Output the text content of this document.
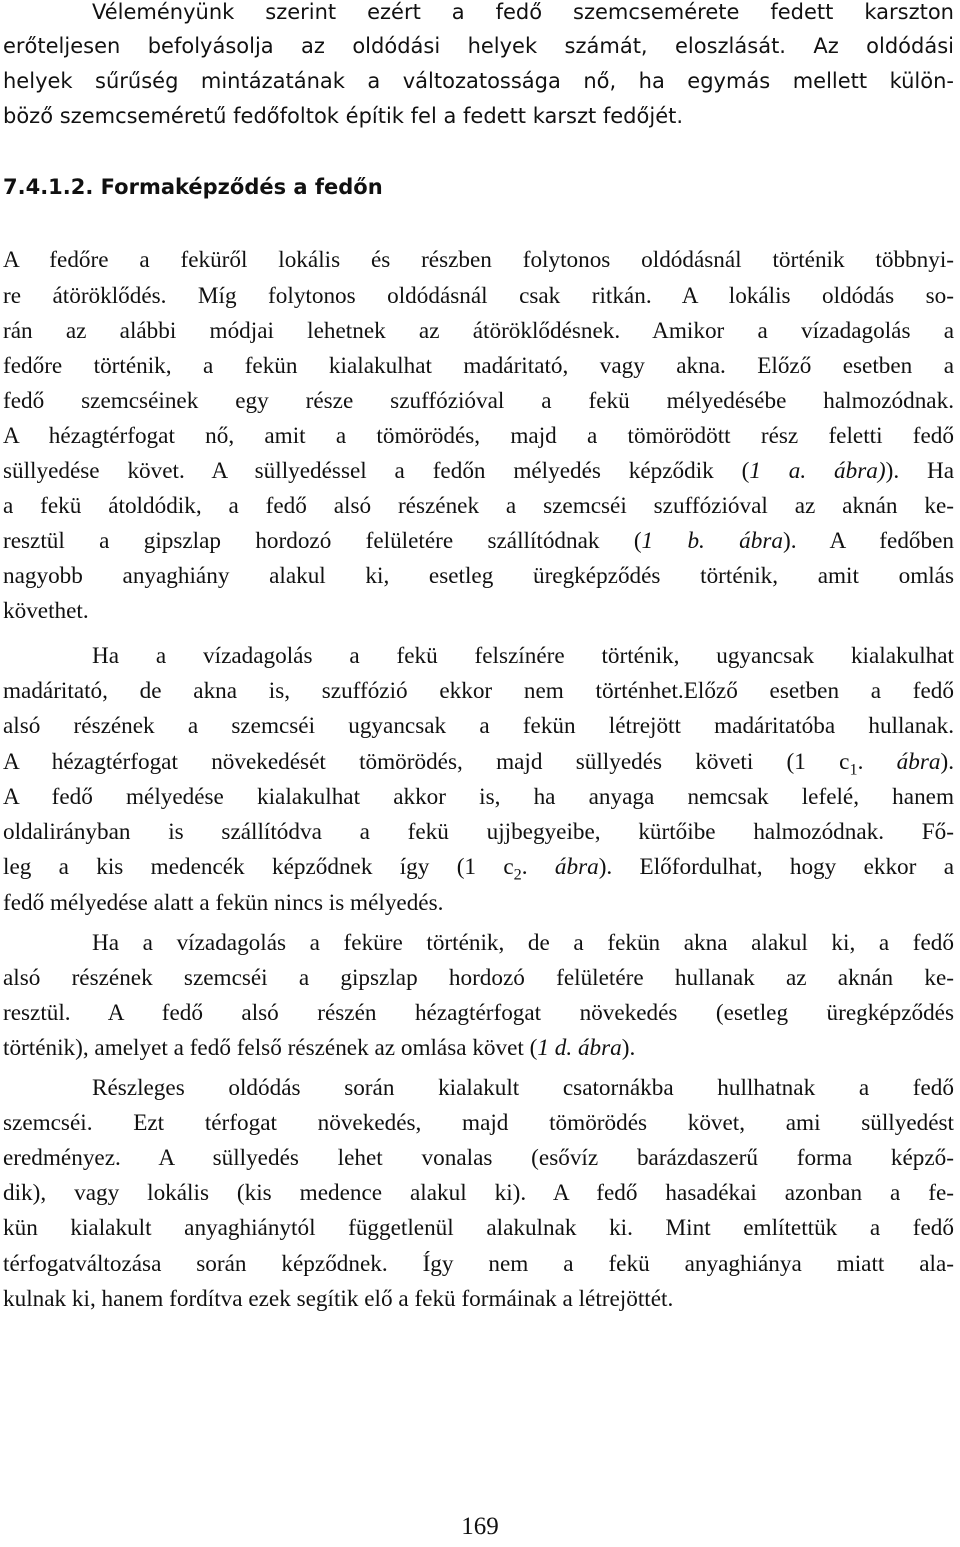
Véleményünk szerint ezért a fedő szemcsemérete fedett karszton
erőteljesen befolyásolja az oldódási helyek számát, eloszlását. Az oldódási
helyek sűrűség mintázatának a változatossága nő, ha egymás mellett külön-
böző szemcseméretű fedőfoltok építik fel a fedett karszt fedőjét.
7.4.1.2. Formaképződés a fedőn
A fedőre a feküről lokális és részben folytonos oldódásnál történik többnyi-
re átöröklődés. Míg folytonos oldódásnál csak ritkán. A lokális oldódás so-
rán az alábbi módjai lehetnek az átöröklődésnek. Amikor a vízadagolás a
fedőre történik, a fekün kialakulhat madáritató, vagy akna. Előző esetben a
fedő szemcséinek egy része szuffózióval a fekü mélyedésébe halmozódnak.
A hézagtérfogat nő, amit a tömörödés, majd a tömörödött rész feletti fedő
süllyedése követ. A süllyedéssel a fedőn mélyedés képződik (1 a. ábra)). Ha
a fekü átoldódik, a fedő alsó részének a szemcséi szuffózióval az aknán ke-
resztül a gipszlap hordozó felületére szállítódnak (1 b. ábra). A fedőben
nagyobb anyaghiány alakul ki, esetleg üregképződés történik, amit omlás
követhet.
Ha a vízadagolás a fekü felszínére történik, ugyancsak kialakulhat
madáritató, de akna is, szuffózió ekkor nem történhet.Előző esetben a fedő
alsó részének a szemcséi ugyancsak a fekün létrejött madáritatóba hullanak.
A hézagtérfogat növekedését tömörödés, majd süllyedés követi (1 $c_1$. ábra).
A fedő mélyedése kialakulhat akkor is, ha anyaga nemcsak lefelé, hanem
oldalirányban is szállítódva a fekü ujjbegyeibe, kürtőibe halmozódnak. Fő-
leg a kis medencék képződnek így (1 $c_2$. ábra). Előfordulhat, hogy ekkor a
fedő mélyedése alatt a fekün nincs is mélyedés.
Ha a vízadagolás a feküre történik, de a fekün akna alakul ki, a fedő
alsó részének szemcséi a gipszlap hordozó felületére hullanak az aknán ke-
resztül. A fedő alsó részén hézagtérfogat növekedés (esetleg üregképződés
történik), amelyet a fedő felső részének az omlása követ (1 d. ábra).
Részleges oldódás során kialakult csatornákba hullhatnak a fedő
szemcséi. Ezt térfogat növekedés, majd tömörödés követ, ami süllyedést
eredményez. A süllyedés lehet vonalas (esővíz barázdaszerű forma képző-
dik), vagy lokális (kis medence alakul ki). A fedő hasadékai azonban a fe-
kün kialakult anyaghiánytól függetlenül alakulnak ki. Mint említettük a fedő
térfogatváltozása során képződnek. Így nem a fekü anyaghiánya miatt ala-
kulnak ki, hanem fordítva ezek segítik elő a fekü formáinak a létrejöttét.
169
